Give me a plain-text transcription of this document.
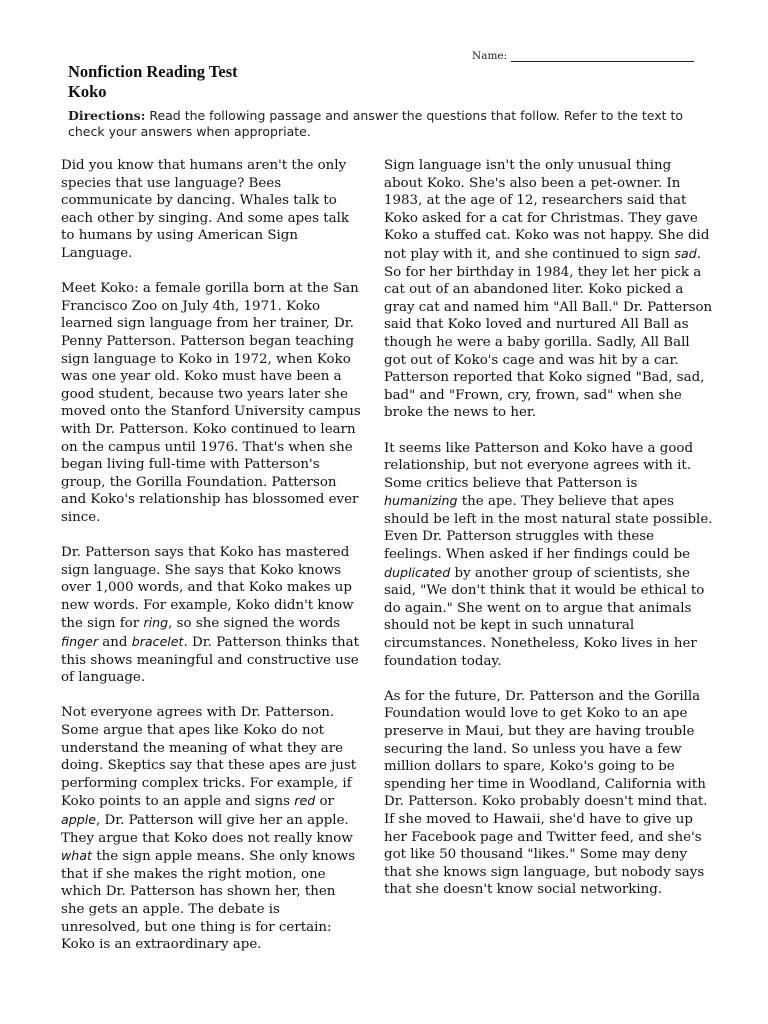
Name:
Nonfiction Reading Test
Koko
Directions: Read the following passage and answer the questions that follow. Refer to the text to check your answers when appropriate.

Did you know that humans aren't the only species that use language? Bees communicate by dancing. Whales talk to each other by singing. And some apes talk to humans by using American Sign Language.

Meet Koko: a female gorilla born at the San Francisco Zoo on July 4th, 1971. Koko learned sign language from her trainer, Dr. Penny Patterson. Patterson began teaching sign language to Koko in 1972, when Koko was one year old. Koko must have been a good student, because two years later she moved onto the Stanford University campus with Dr. Patterson. Koko continued to learn on the campus until 1976. That's when she began living full-time with Patterson's group, the Gorilla Foundation. Patterson and Koko's relationship has blossomed ever since.

Dr. Patterson says that Koko has mastered sign language. She says that Koko knows over 1,000 words, and that Koko makes up new words. For example, Koko didn't know the sign for ring, so she signed the words finger and bracelet. Dr. Patterson thinks that this shows meaningful and constructive use of language.

Not everyone agrees with Dr. Patterson. Some argue that apes like Koko do not understand the meaning of what they are doing. Skeptics say that these apes are just performing complex tricks. For example, if Koko points to an apple and signs red or apple, Dr. Patterson will give her an apple. They argue that Koko does not really know what the sign apple means. She only knows that if she makes the right motion, one which Dr. Patterson has shown her, then she gets an apple. The debate is unresolved, but one thing is for certain: Koko is an extraordinary ape.

Sign language isn't the only unusual thing about Koko. She's also been a pet-owner. In 1983, at the age of 12, researchers said that Koko asked for a cat for Christmas. They gave Koko a stuffed cat. Koko was not happy. She did not play with it, and she continued to sign sad. So for her birthday in 1984, they let her pick a cat out of an abandoned liter. Koko picked a gray cat and named him "All Ball." Dr. Patterson said that Koko loved and nurtured All Ball as though he were a baby gorilla. Sadly, All Ball got out of Koko's cage and was hit by a car. Patterson reported that Koko signed "Bad, sad, bad" and "Frown, cry, frown, sad" when she broke the news to her.

It seems like Patterson and Koko have a good relationship, but not everyone agrees with it. Some critics believe that Patterson is humanizing the ape. They believe that apes should be left in the most natural state possible. Even Dr. Patterson struggles with these feelings. When asked if her findings could be duplicated by another group of scientists, she said, "We don't think that it would be ethical to do again." She went on to argue that animals should not be kept in such unnatural circumstances. Nonetheless, Koko lives in her foundation today.

As for the future, Dr. Patterson and the Gorilla Foundation would love to get Koko to an ape preserve in Maui, but they are having trouble securing the land. So unless you have a few million dollars to spare, Koko's going to be spending her time in Woodland, California with Dr. Patterson. Koko probably doesn't mind that. If she moved to Hawaii, she'd have to give up her Facebook page and Twitter feed, and she's got like 50 thousand "likes." Some may deny that she knows sign language, but nobody says that she doesn't know social networking.
